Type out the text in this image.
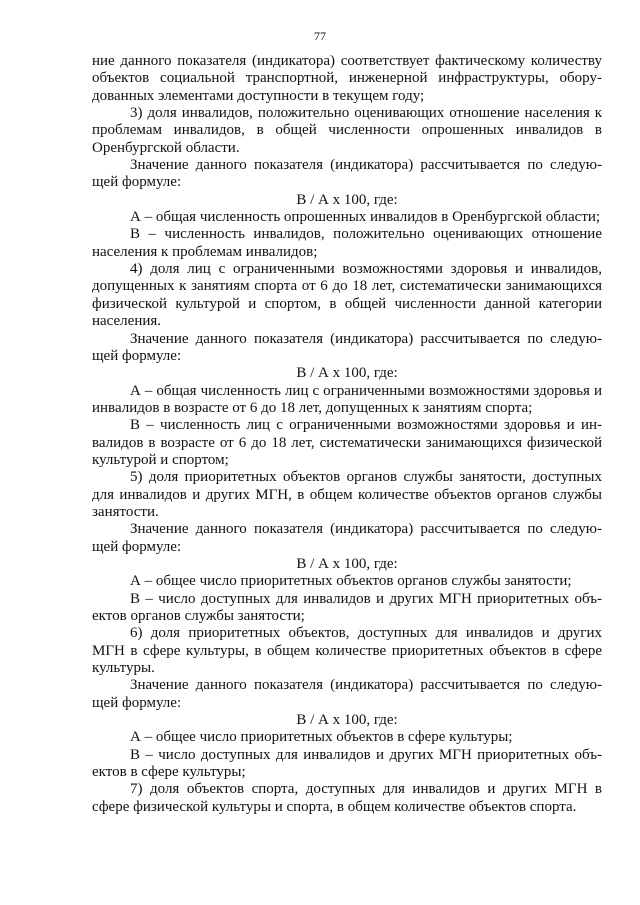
77

ние данного показателя (индикатора) соответствует фактическому количеству объектов социальной транспортной, инженерной инфраструктуры, оборудованных элементами доступности в текущем году;

3) доля инвалидов, положительно оценивающих отношение населения к проблемам инвалидов, в общей численности опрошенных инвалидов в Оренбургской области.

Значение данного показателя (индикатора) рассчитывается по следующей формуле:

В / А х 100, где:

А – общая численность опрошенных инвалидов в Оренбургской области;

В – численность инвалидов, положительно оценивающих отношение населения к проблемам инвалидов;

4) доля лиц с ограниченными возможностями здоровья и инвалидов, допущенных к занятиям спорта от 6 до 18 лет, систематически занимающихся физической культурой и спортом, в общей численности данной категории населения.

Значение данного показателя (индикатора) рассчитывается по следующей формуле:

В / А х 100, где:

А – общая численность лиц с ограниченными возможностями здоровья и инвалидов в возрасте от 6 до 18 лет, допущенных к занятиям спорта;

В – численность лиц с ограниченными возможностями здоровья и инвалидов в возрасте от 6 до 18 лет, систематически занимающихся физической культурой и спортом;

5) доля приоритетных объектов органов службы занятости, доступных для инвалидов и других МГН, в общем количестве объектов органов службы занятости.

Значение данного показателя (индикатора) рассчитывается по следующей формуле:

В / А х 100, где:

А – общее число приоритетных объектов органов службы занятости;

В – число доступных для инвалидов и других МГН приоритетных объектов органов службы занятости;

6) доля приоритетных объектов, доступных для инвалидов и других МГН в сфере культуры, в общем количестве приоритетных объектов в сфере культуры.

Значение данного показателя (индикатора) рассчитывается по следующей формуле:

В / А х 100, где:

А – общее число приоритетных объектов в сфере культуры;

В – число доступных для инвалидов и других МГН приоритетных объектов в сфере культуры;

7) доля объектов спорта, доступных для инвалидов и других МГН в сфере физической культуры и спорта, в общем количестве объектов спорта.
